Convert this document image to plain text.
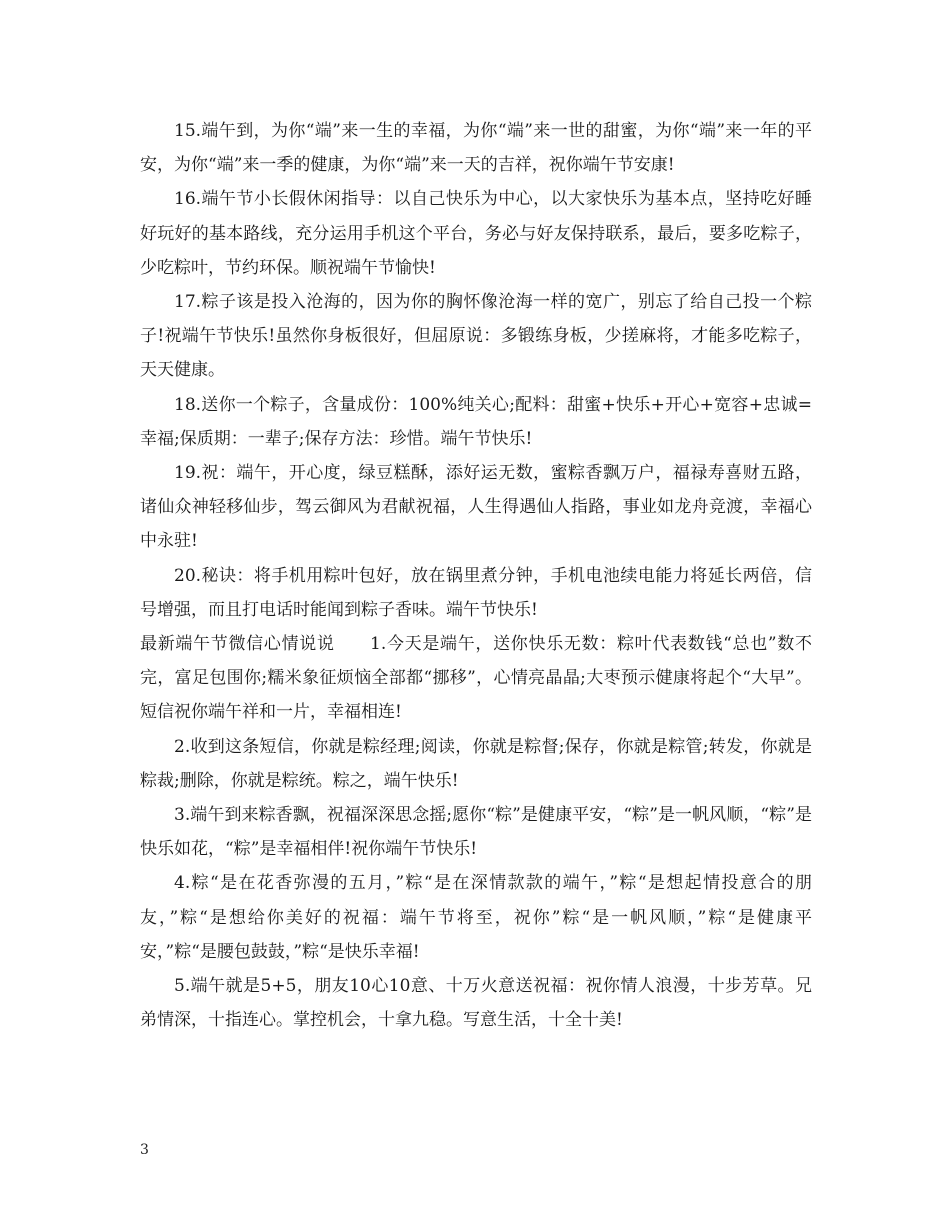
15.端午到，为你“端”来一生的幸福，为你“端”来一世的甜蜜，为你“端”来一年的平安，为你“端”来一季的健康，为你“端”来一天的吉祥，祝你端午节安康!

16.端午节小长假休闲指导：以自己快乐为中心，以大家快乐为基本点，坚持吃好睡好玩好的基本路线，充分运用手机这个平台，务必与好友保持联系，最后，要多吃粽子，少吃粽叶，节约环保。顺祝端午节愉快!

17.粽子该是投入沧海的，因为你的胸怀像沧海一样的宽广，别忘了给自己投一个粽子!祝端午节快乐!虽然你身板很好，但屈原说：多锻练身板，少搓麻将，才能多吃粽子，天天健康。

18.送你一个粽子，含量成份：100%纯关心;配料：甜蜜+快乐+开心+宽容+忠诚=幸福;保质期：一辈子;保存方法：珍惜。端午节快乐!

19.祝：端午，开心度，绿豆糕酥，添好运无数，蜜粽香飘万户，福禄寿喜财五路，诸仙众神轻移仙步，驾云御风为君献祝福，人生得遇仙人指路，事业如龙舟竞渡，幸福心中永驻!

20.秘诀：将手机用粽叶包好，放在锅里煮分钟，手机电池续电能力将延长两倍，信号增强，而且打电话时能闻到粽子香味。端午节快乐!

最新端午节微信心情说说　　1.今天是端午，送你快乐无数：粽叶代表数钱“总也”数不完，富足包围你;糯米象征烦恼全部都“挪移”，心情亮晶晶;大枣预示健康将起个“大早”。短信祝你端午祥和一片，幸福相连!

2.收到这条短信，你就是粽经理;阅读，你就是粽督;保存，你就是粽管;转发，你就是粽裁;删除，你就是粽统。粽之，端午快乐!

3.端午到来粽香飘，祝福深深思念摇;愿你“粽”是健康平安，“粽”是一帆风顺，“粽”是快乐如花，“粽”是幸福相伴!祝你端午节快乐!

4.粽“是在花香弥漫的五月，”粽“是在深情款款的端午，”粽“是想起情投意合的朋友，”粽“是想给你美好的祝福：端午节将至，祝你”粽“是一帆风顺，”粽“是健康平安，”粽“是腰包鼓鼓，”粽“是快乐幸福!

5.端午就是5+5，朋友10心10意、十万火意送祝福：祝你情人浪漫，十步芳草。兄弟情深，十指连心。掌控机会，十拿九稳。写意生活，十全十美!

3
